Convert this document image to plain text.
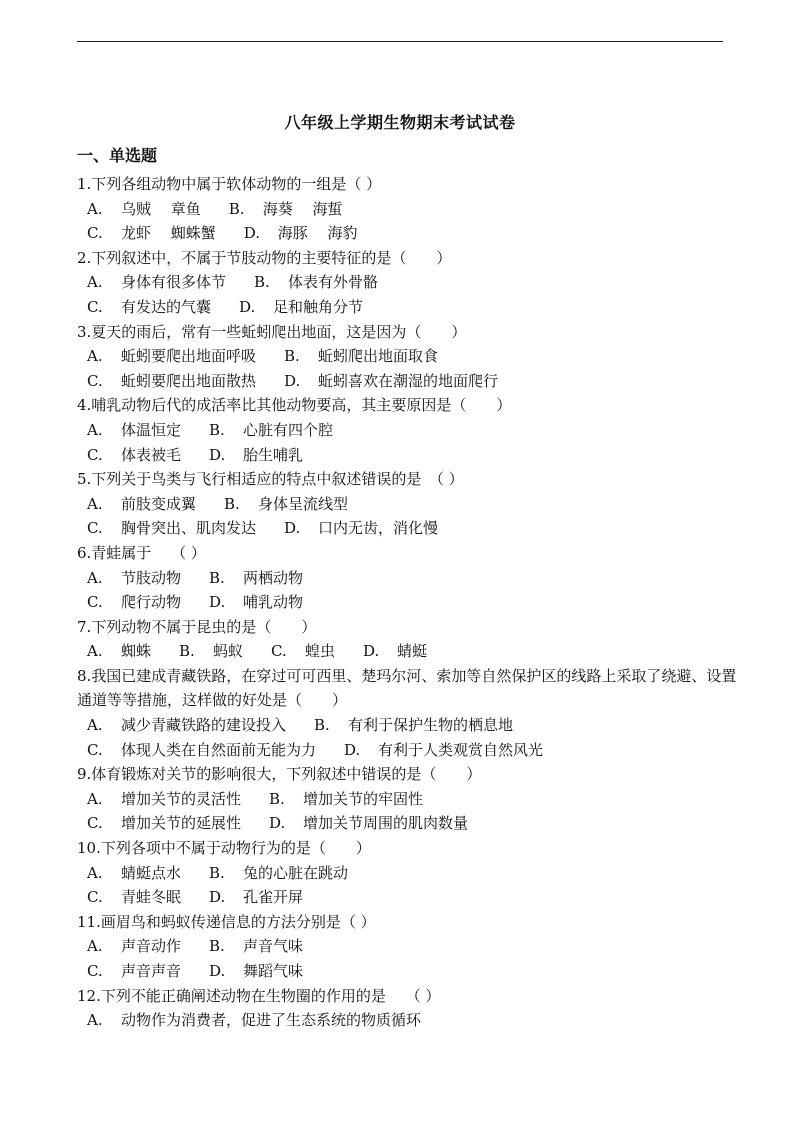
八年级上学期生物期末考试试卷
一、单选题
1.下列各组动物中属于软体动物的一组是（ ）
A. 乌贼　 章鱼 B. 海葵　 海蜇
C. 龙虾　 蜘蛛蟹 D. 海豚　 海豹
2.下列叙述中，不属于节肢动物的主要特征的是（　　）
A. 身体有很多体节 B. 体表有外骨骼
C. 有发达的气囊 D. 足和触角分节
3.夏天的雨后，常有一些蚯蚓爬出地面，这是因为（　　）
A. 蚯蚓要爬出地面呼吸 B. 蚯蚓爬出地面取食
C. 蚯蚓要爬出地面散热 D. 蚯蚓喜欢在潮湿的地面爬行
4.哺乳动物后代的成活率比其他动物要高，其主要原因是（　　）
A. 体温恒定 B. 心脏有四个腔
C. 体表被毛 D. 胎生哺乳
5.下列关于鸟类与飞行相适应的特点中叙述错误的是　（ ）
A. 前肢变成翼 B. 身体呈流线型
C. 胸骨突出、肌肉发达 D. 口内无齿，消化慢
6.青蛙属于　 （ ）
A. 节肢动物 B. 两栖动物
C. 爬行动物 D. 哺乳动物
7.下列动物不属于昆虫的是（　　）
A. 蜘蛛 B. 蚂蚁 C. 蝗虫 D. 蜻蜓
8.我国已建成青藏铁路，在穿过可可西里、楚玛尔河、索加等自然保护区的线路上采取了绕避、设置通道等等措施，这样做的好处是（　　）
A. 减少青藏铁路的建设投入 B. 有利于保护生物的栖息地
C. 体现人类在自然面前无能为力 D. 有利于人类观赏自然风光
9.体育锻炼对关节的影响很大，下列叙述中错误的是（　　）
A. 增加关节的灵活性 B. 增加关节的牢固性
C. 增加关节的延展性 D. 增加关节周围的肌肉数量
10.下列各项中不属于动物行为的是（　　）
A. 蜻蜓点水 B. 兔的心脏在跳动
C. 青蛙冬眠 D. 孔雀开屏
11.画眉鸟和蚂蚁传递信息的方法分别是（ ）
A. 声音动作 B. 声音气味
C. 声音声音 D. 舞蹈气味
12.下列不能正确阐述动物在生物圈的作用的是　 （ ）
A. 动物作为消费者，促进了生态系统的物质循环
